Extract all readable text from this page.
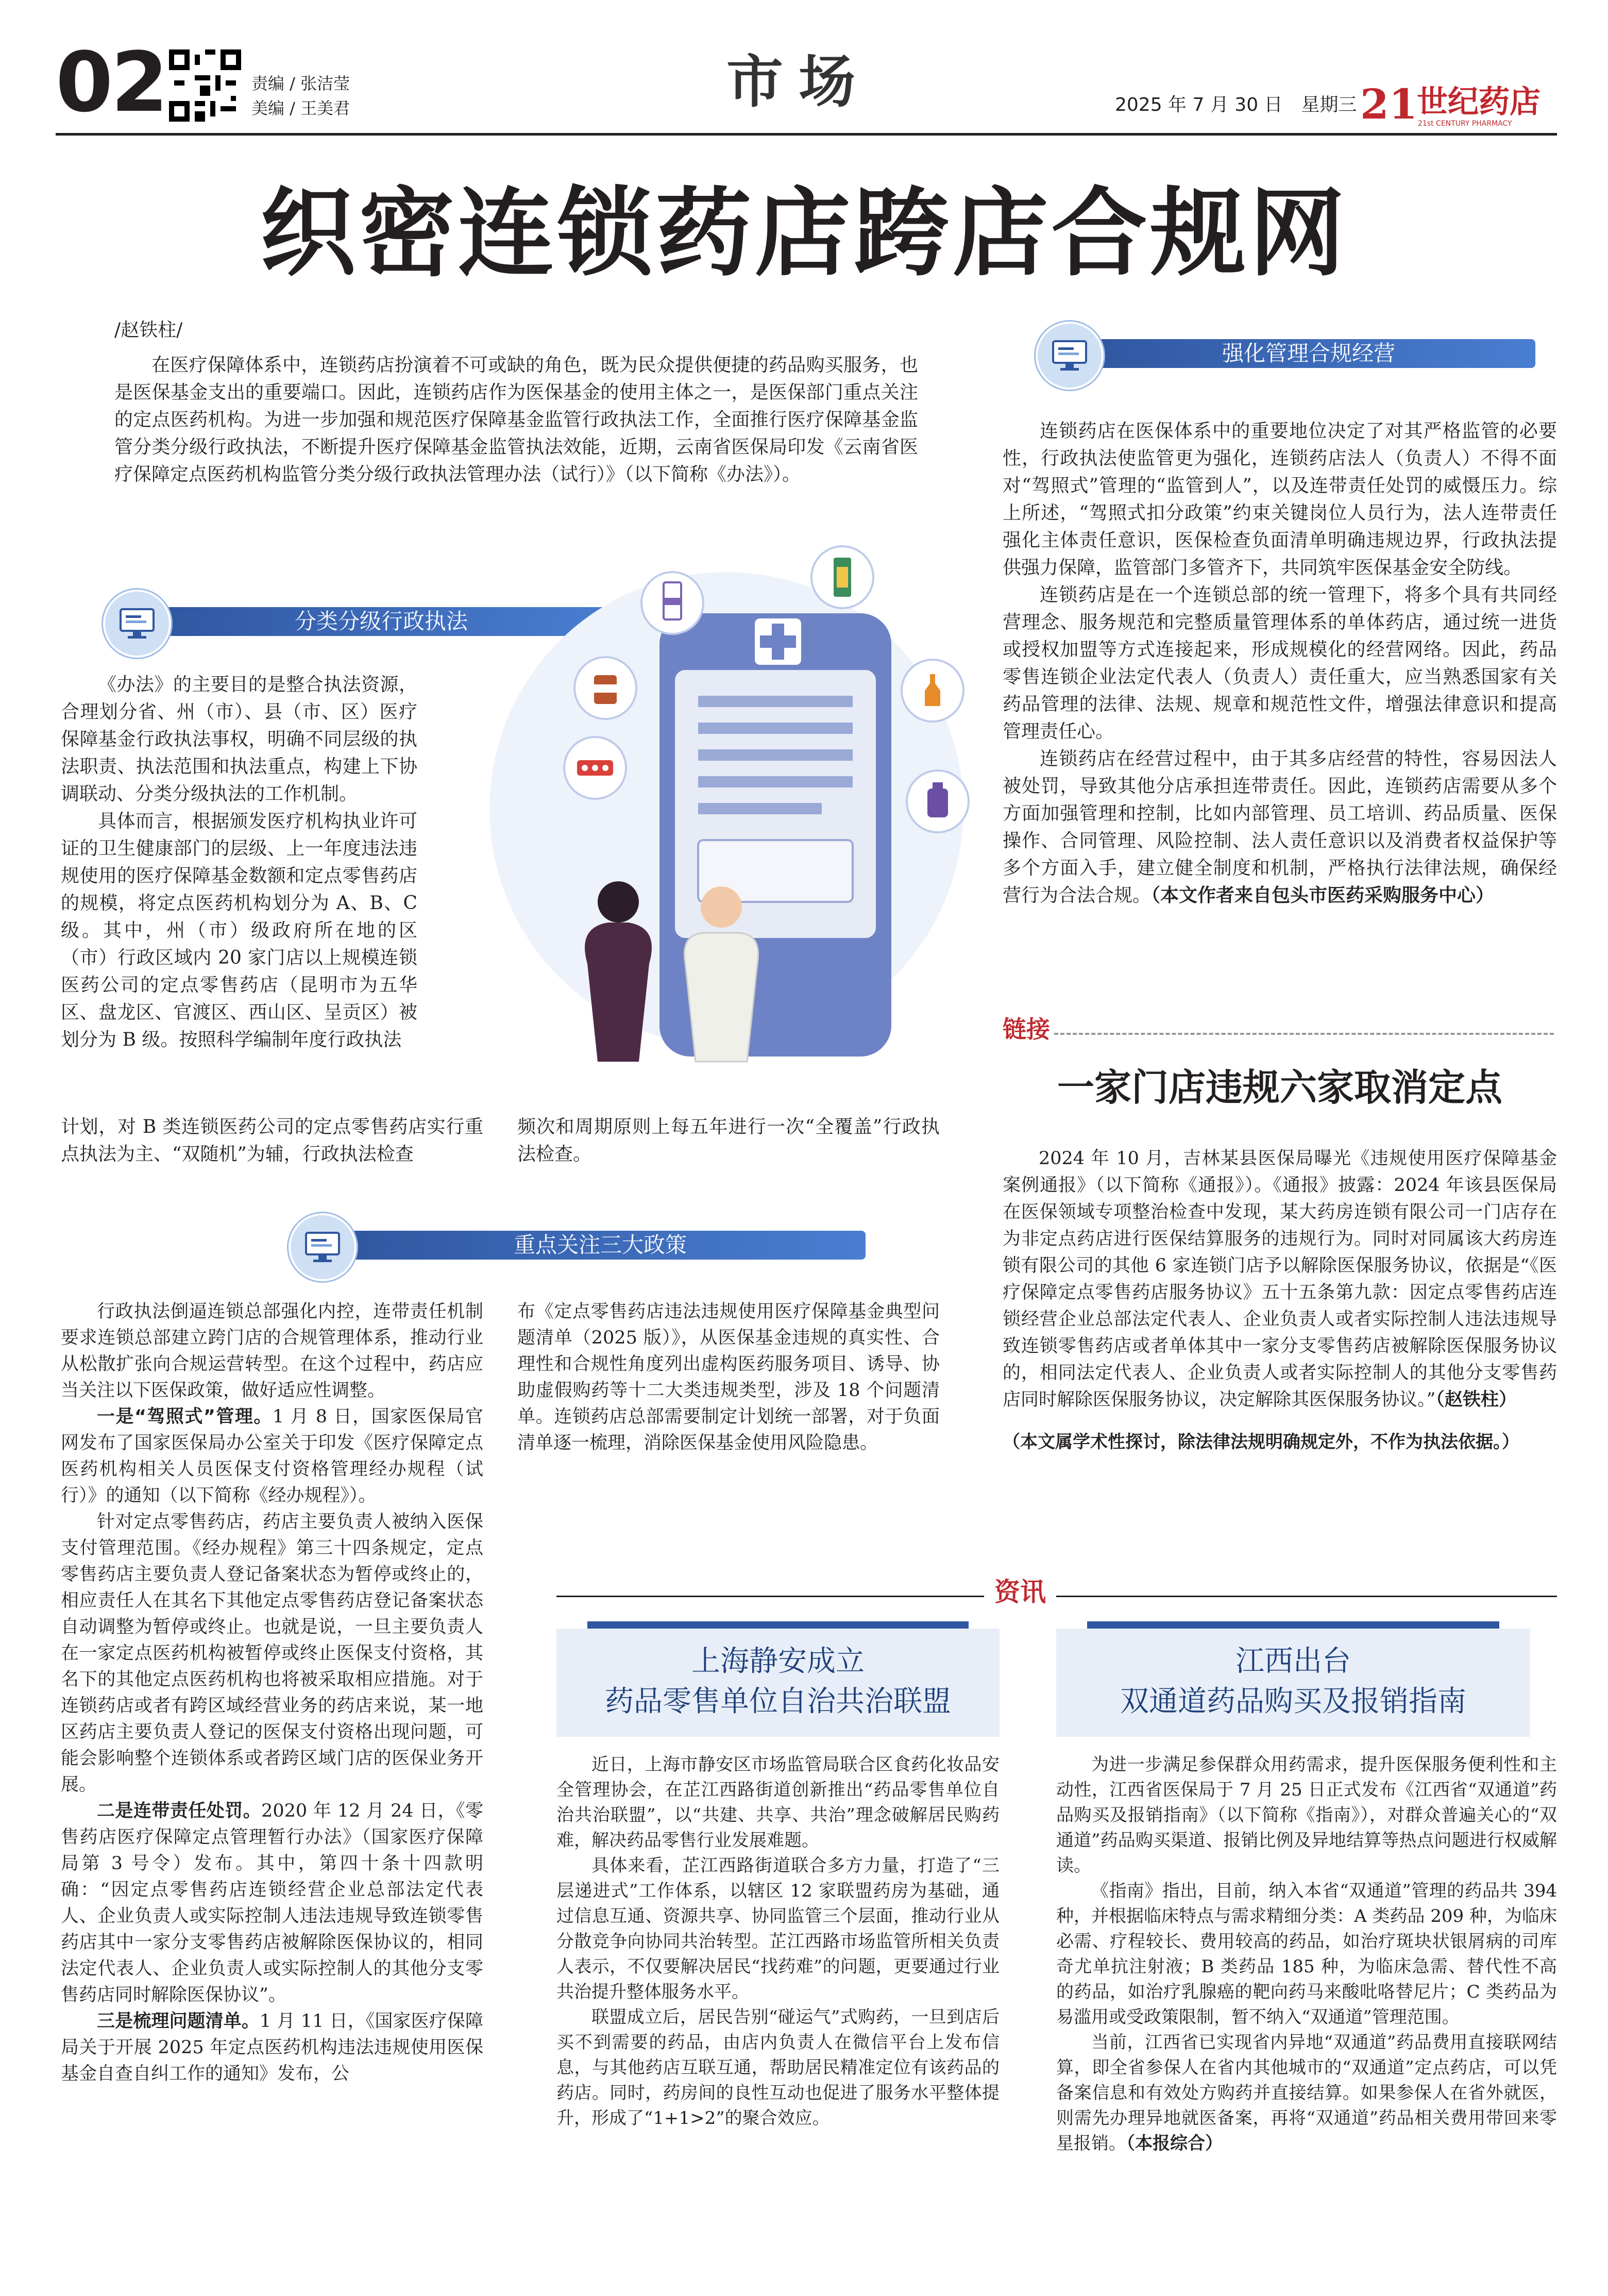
02	责编 / 张洁莹
美编 / 王美君	市场	2025 年 7 月 30 日　星期三 21
世纪药店
21st CENTURY PHARMACY
织密连锁药店跨店合规网
/赵铁柱/

在医疗保障体系中，连锁药店扮演着不可或缺的角色，既为民众提供便捷的药品购买服务，也是医保基金支出的重要端口。因此，连锁药店作为医保基金的使用主体之一，是医保部门重点关注的定点医药机构。为进一步加强和规范医疗保障基金监管行政执法工作，全面推行医疗保障基金监管分类分级行政执法，不断提升医疗保障基金监管执法效能，近期，云南省医保局印发《云南省医疗保障定点医药机构监管分类分级行政执法管理办法（试行）》（以下简称《办法》）。

分类分级行政执法

《办法》的主要目的是整合执法资源，合理划分省、州（市）、县（市、区）医疗保障基金行政执法事权，明确不同层级的执法职责、执法范围和执法重点，构建上下协调联动、分类分级执法的工作机制。

具体而言，根据颁发医疗机构执业许可证的卫生健康部门的层级、上一年度违法违规使用的医疗保障基金数额和定点零售药店的规模，将定点医药机构划分为 A、B、C 级。其中，州（市）级政府所在地的区（市）行政区域内 20 家门店以上规模连锁医药公司的定点零售药店（昆明市为五华区、盘龙区、官渡区、西山区、呈贡区）被划分为 B 级。按照科学编制年度行政执法

计划，对 B 类连锁医药公司的定点零售药店实行重点执法为主、“双随机”为辅，行政执法检查

频次和周期原则上每五年进行一次“全覆盖”行政执法检查。

强化管理合规经营

连锁药店在医保体系中的重要地位决定了对其严格监管的必要性，行政执法使监管更为强化，连锁药店法人（负责人）不得不面对“驾照式”管理的“监管到人”，以及连带责任处罚的威慑压力。综上所述，“驾照式扣分政策”约束关键岗位人员行为，法人连带责任强化主体责任意识，医保检查负面清单明确违规边界，行政执法提供强力保障，监管部门多管齐下，共同筑牢医保基金安全防线。

连锁药店是在一个连锁总部的统一管理下，将多个具有共同经营理念、服务规范和完整质量管理体系的单体药店，通过统一进货或授权加盟等方式连接起来，形成规模化的经营网络。因此，药品零售连锁企业法定代表人（负责人）责任重大，应当熟悉国家有关药品管理的法律、法规、规章和规范性文件，增强法律意识和提高管理责任心。

连锁药店在经营过程中，由于其多店经营的特性，容易因法人被处罚，导致其他分店承担连带责任。因此，连锁药店需要从多个方面加强管理和控制，比如内部管理、员工培训、药品质量、医保操作、合同管理、风险控制、法人责任意识以及消费者权益保护等多个方面入手，建立健全制度和机制，严格执行法律法规，确保经营行为合法合规。（本文作者来自包头市医药采购服务中心）

链接
一家门店违规六家取消定点

2024 年 10 月，吉林某县医保局曝光《违规使用医疗保障基金案例通报》（以下简称《通报》）。《通报》披露：2024 年该县医保局在医保领域专项整治检查中发现，某大药房连锁有限公司一门店存在为非定点药店进行医保结算服务的违规行为。同时对同属该大药房连锁有限公司的其他 6 家连锁门店予以解除医保服务协议，依据是“《医疗保障定点零售药店服务协议》五十五条第九款：因定点零售药店连锁经营企业总部法定代表人、企业负责人或者实际控制人违法违规导致连锁零售药店或者单体其中一家分支零售药店被解除医保服务协议的，相同法定代表人、企业负责人或者实际控制人的其他分支零售药店同时解除医保服务协议，决定解除其医保服务协议。”（赵铁柱）

（本文属学术性探讨，除法律法规明确规定外，不作为执法依据。）

重点关注三大政策

行政执法倒逼连锁总部强化内控，连带责任机制要求连锁总部建立跨门店的合规管理体系，推动行业从松散扩张向合规运营转型。在这个过程中，药店应当关注以下医保政策，做好适应性调整。

一是“驾照式”管理。1 月 8 日，国家医保局官网发布了国家医保局办公室关于印发《医疗保障定点医药机构相关人员医保支付资格管理经办规程（试行）》的通知（以下简称《经办规程》）。

针对定点零售药店，药店主要负责人被纳入医保支付管理范围。《经办规程》第三十四条规定，定点零售药店主要负责人登记备案状态为暂停或终止的，相应责任人在其名下其他定点零售药店登记备案状态自动调整为暂停或终止。也就是说，一旦主要负责人在一家定点医药机构被暂停或终止医保支付资格，其名下的其他定点医药机构也将被采取相应措施。对于连锁药店或者有跨区域经营业务的药店来说，某一地区药店主要负责人登记的医保支付资格出现问题，可能会影响整个连锁体系或者跨区域门店的医保业务开展。

二是连带责任处罚。2020 年 12 月 24 日，《零售药店医疗保障定点管理暂行办法》（国家医疗保障局第 3 号令）发布。其中，第四十条十四款明确：“因定点零售药店连锁经营企业总部法定代表人、企业负责人或实际控制人违法违规导致连锁零售药店其中一家分支零售药店被解除医保协议的，相同法定代表人、企业负责人或实际控制人的其他分支零售药店同时解除医保协议”。

三是梳理问题清单。1 月 11 日，《国家医疗保障局关于开展 2025 年定点医药机构违法违规使用医保基金自查自纠工作的通知》发布，公

布《定点零售药店违法违规使用医疗保障基金典型问题清单（2025 版）》，从医保基金违规的真实性、合理性和合规性角度列出虚构医药服务项目、诱导、协助虚假购药等十二大类违规类型，涉及 18 个问题清单。连锁药店总部需要制定计划统一部署，对于负面清单逐一梳理，消除医保基金使用风险隐患。

资讯
上海静安成立
药品零售单位自治共治联盟

近日，上海市静安区市场监管局联合区食药化妆品安全管理协会，在芷江西路街道创新推出“药品零售单位自治共治联盟”，以“共建、共享、共治”理念破解居民购药难，解决药品零售行业发展难题。

具体来看，芷江西路街道联合多方力量，打造了“三层递进式”工作体系，以辖区 12 家联盟药房为基础，通过信息互通、资源共享、协同监管三个层面，推动行业从分散竞争向协同共治转型。芷江西路市场监管所相关负责人表示，不仅要解决居民“找药难”的问题，更要通过行业共治提升整体服务水平。

联盟成立后，居民告别“碰运气”式购药，一旦到店后买不到需要的药品，由店内负责人在微信平台上发布信息，与其他药店互联互通，帮助居民精准定位有该药品的药店。同时，药房间的良性互动也促进了服务水平整体提升，形成了“1+1>2”的聚合效应。

江西出台
双通道药品购买及报销指南

为进一步满足参保群众用药需求，提升医保服务便利性和主动性，江西省医保局于 7 月 25 日正式发布《江西省“双通道”药品购买及报销指南》（以下简称《指南》），对群众普遍关心的“双通道”药品购买渠道、报销比例及异地结算等热点问题进行权威解读。

《指南》指出，目前，纳入本省“双通道”管理的药品共 394 种，并根据临床特点与需求精细分类：A 类药品 209 种，为临床必需、疗程较长、费用较高的药品，如治疗斑块状银屑病的司库奇尤单抗注射液；B 类药品 185 种，为临床急需、替代性不高的药品，如治疗乳腺癌的靶向药马来酸吡咯替尼片；C 类药品为易滥用或受政策限制，暂不纳入“双通道”管理范围。

当前，江西省已实现省内异地“双通道”药品费用直接联网结算，即全省参保人在省内其他城市的“双通道”定点药店，可以凭备案信息和有效处方购药并直接结算。如果参保人在省外就医，则需先办理异地就医备案，再将“双通道”药品相关费用带回来零星报销。（本报综合）
